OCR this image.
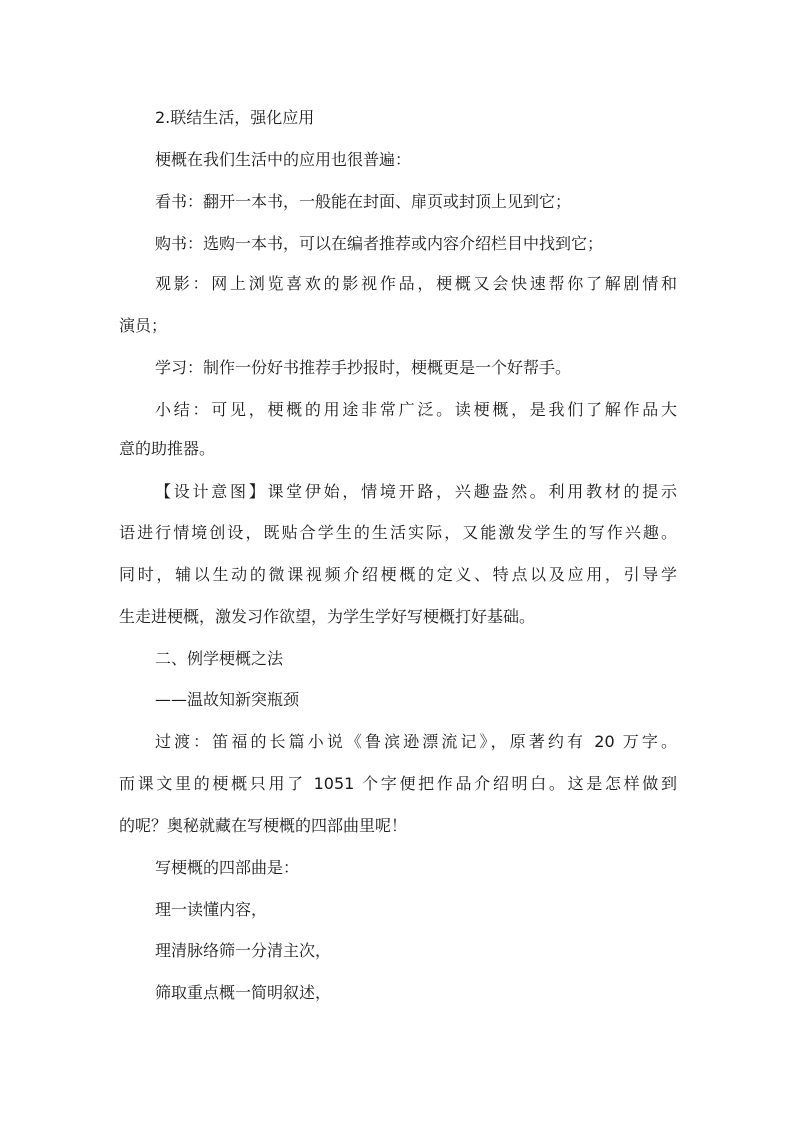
2.联结生活，强化应用
梗概在我们生活中的应用也很普遍：
看书：翻开一本书，一般能在封面、扉页或封顶上见到它；
购书：选购一本书，可以在编者推荐或内容介绍栏目中找到它；
观影：网上浏览喜欢的影视作品，梗概又会快速帮你了解剧情和
演员；
学习：制作一份好书推荐手抄报时，梗概更是一个好帮手。
小结：可见，梗概的用途非常广泛。读梗概，是我们了解作品大
意的助推器。
【设计意图】课堂伊始，情境开路，兴趣盎然。利用教材的提示
语进行情境创设，既贴合学生的生活实际，又能激发学生的写作兴趣。
同时，辅以生动的微课视频介绍梗概的定义、特点以及应用，引导学
生走进梗概，激发习作欲望，为学生学好写梗概打好基础。
二、例学梗概之法
——温故知新突瓶颈
过渡：笛福的长篇小说《鲁滨逊漂流记》，原著约有 20 万字。
而课文里的梗概只用了 1051 个字便把作品介绍明白。这是怎样做到
的呢？奥秘就藏在写梗概的四部曲里呢！
写梗概的四部曲是：
理一读懂内容，
理清脉络筛一分清主次，
筛取重点概一简明叙述，
